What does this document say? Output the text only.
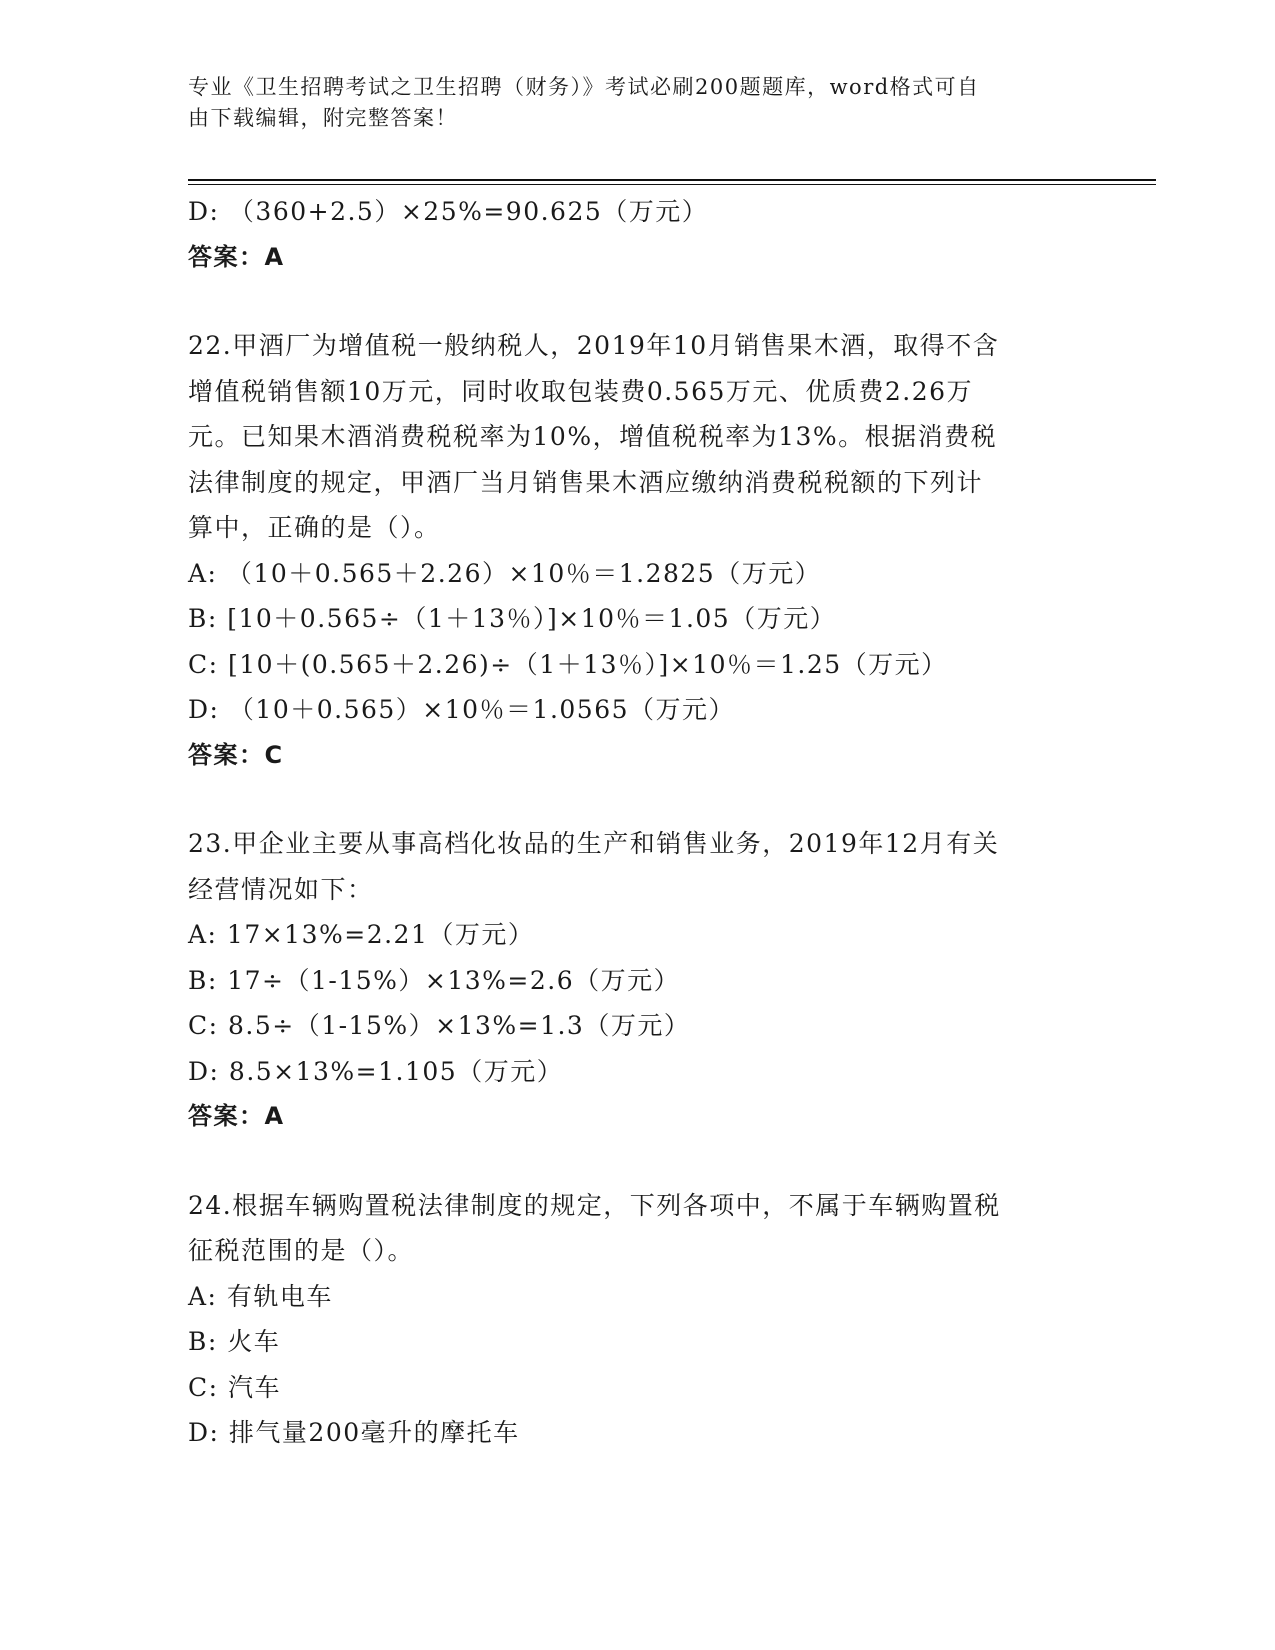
专业《卫生招聘考试之卫生招聘（财务）》考试必刷200题题库，word格式可自
由下载编辑，附完整答案！
D: （360+2.5）×25%=90.625（万元）
答案：A
22.甲酒厂为增值税一般纳税人，2019年10月销售果木酒，取得不含
增值税销售额10万元，同时收取包装费0.565万元、优质费2.26万
元。已知果木酒消费税税率为10%，增值税税率为13%。根据消费税
法律制度的规定，甲酒厂当月销售果木酒应缴纳消费税税额的下列计
算中，正确的是（）。
A: （10＋0.565＋2.26）×10％＝1.2825（万元）
B: [10＋0.565÷（1＋13％）]×10％＝1.05（万元）
C: [10＋(0.565＋2.26)÷（1＋13％）]×10％＝1.25（万元）
D: （10＋0.565）×10％＝1.0565（万元）
答案：C
23.甲企业主要从事高档化妆品的生产和销售业务，2019年12月有关
经营情况如下：
A: 17×13%=2.21（万元）
B: 17÷（1-15%）×13%=2.6（万元）
C: 8.5÷（1-15%）×13%=1.3（万元）
D: 8.5×13%=1.105（万元）
答案：A
24.根据车辆购置税法律制度的规定，下列各项中，不属于车辆购置税
征税范围的是（）。
A: 有轨电车
B: 火车
C: 汽车
D: 排气量200毫升的摩托车
